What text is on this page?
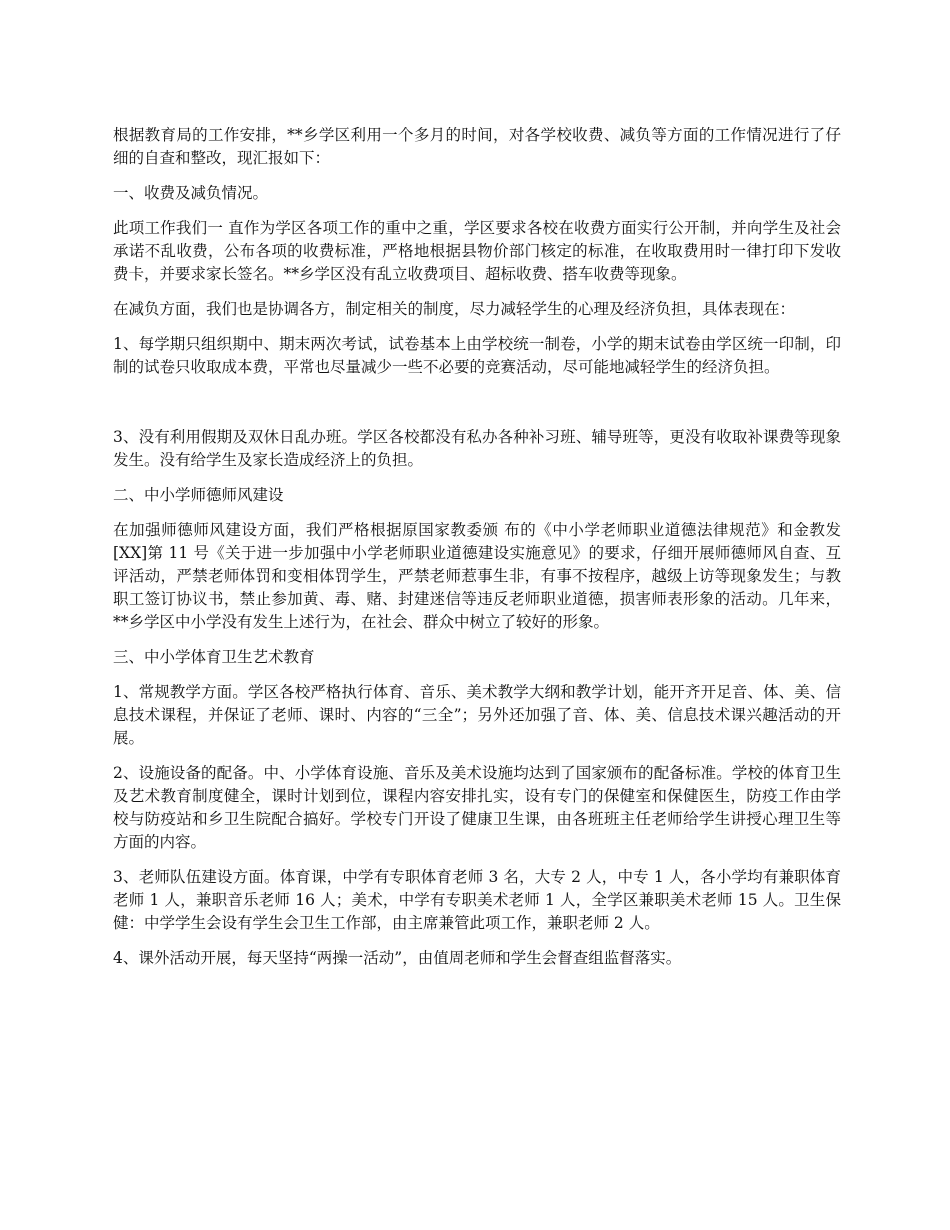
根据教育局的工作安排，**乡学区利用一个多月的时间，对各学校收费、减负等方面的工作情况进行了仔细的自查和整改，现汇报如下：

一、收费及减负情况。

此项工作我们一 直作为学区各项工作的重中之重，学区要求各校在收费方面实行公开制，并向学生及社会承诺不乱收费，公布各项的收费标准，严格地根据县物价部门核定的标准，在收取费用时一律打印下发收费卡，并要求家长签名。**乡学区没有乱立收费项目、超标收费、搭车收费等现象。

在减负方面，我们也是协调各方，制定相关的制度，尽力减轻学生的心理及经济负担，具体表现在：

1、每学期只组织期中、期末两次考试，试卷基本上由学校统一制卷，小学的期末试卷由学区统一印制，印制的试卷只收取成本费，平常也尽量减少一些不必要的竞赛活动，尽可能地减轻学生的经济负担。

3、没有利用假期及双休日乱办班。学区各校都没有私办各种补习班、辅导班等，更没有收取补课费等现象发生。没有给学生及家长造成经济上的负担。

二、中小学师德师风建设

在加强师德师风建设方面，我们严格根据原国家教委颁 布的《中小学老师职业道德法律规范》和金教发[XX]第 11 号《关于进一步加强中小学老师职业道德建设实施意见》的要求，仔细开展师德师风自查、互评活动，严禁老师体罚和变相体罚学生，严禁老师惹事生非，有事不按程序，越级上访等现象发生；与教职工签订协议书，禁止参加黄、毒、赌、封建迷信等违反老师职业道德，损害师表形象的活动。几年来，**乡学区中小学没有发生上述行为，在社会、群众中树立了较好的形象。

三、中小学体育卫生艺术教育

1、常规教学方面。学区各校严格执行体育、音乐、美术教学大纲和教学计划，能开齐开足音、体、美、信息技术课程，并保证了老师、课时、内容的“三全”；另外还加强了音、体、美、信息技术课兴趣活动的开展。

2、设施设备的配备。中、小学体育设施、音乐及美术设施均达到了国家颁布的配备标准。学校的体育卫生及艺术教育制度健全，课时计划到位，课程内容安排扎实，设有专门的保健室和保健医生，防疫工作由学校与防疫站和乡卫生院配合搞好。学校专门开设了健康卫生课，由各班班主任老师给学生讲授心理卫生等方面的内容。

3、老师队伍建设方面。体育课，中学有专职体育老师 3 名，大专 2 人，中专 1 人，各小学均有兼职体育老师 1 人，兼职音乐老师 16 人；美术，中学有专职美术老师 1 人，全学区兼职美术老师 15 人。卫生保健：中学学生会设有学生会卫生工作部，由主席兼管此项工作，兼职老师 2 人。

4、课外活动开展，每天坚持“两操一活动”，由值周老师和学生会督查组监督落实。
